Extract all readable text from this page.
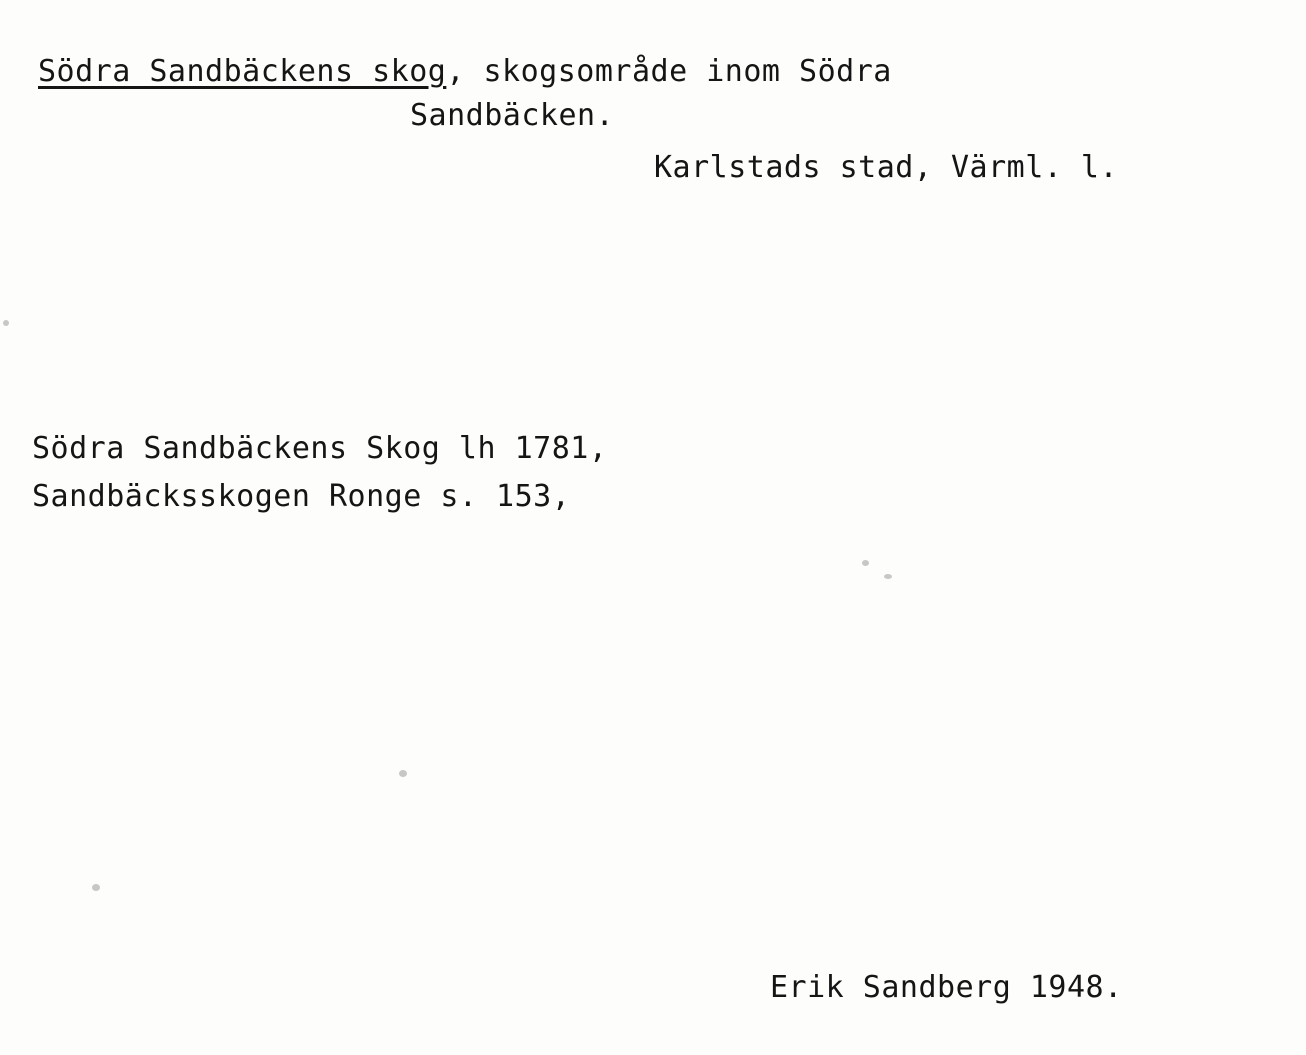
Södra Sandbäckens skog, skogsområde inom Södra
Sandbäcken.
Karlstads stad, Värml. l.
Södra Sandbäckens Skog lh 1781,
Sandbäcksskogen Ronge s. 153,
Erik Sandberg 1948.
